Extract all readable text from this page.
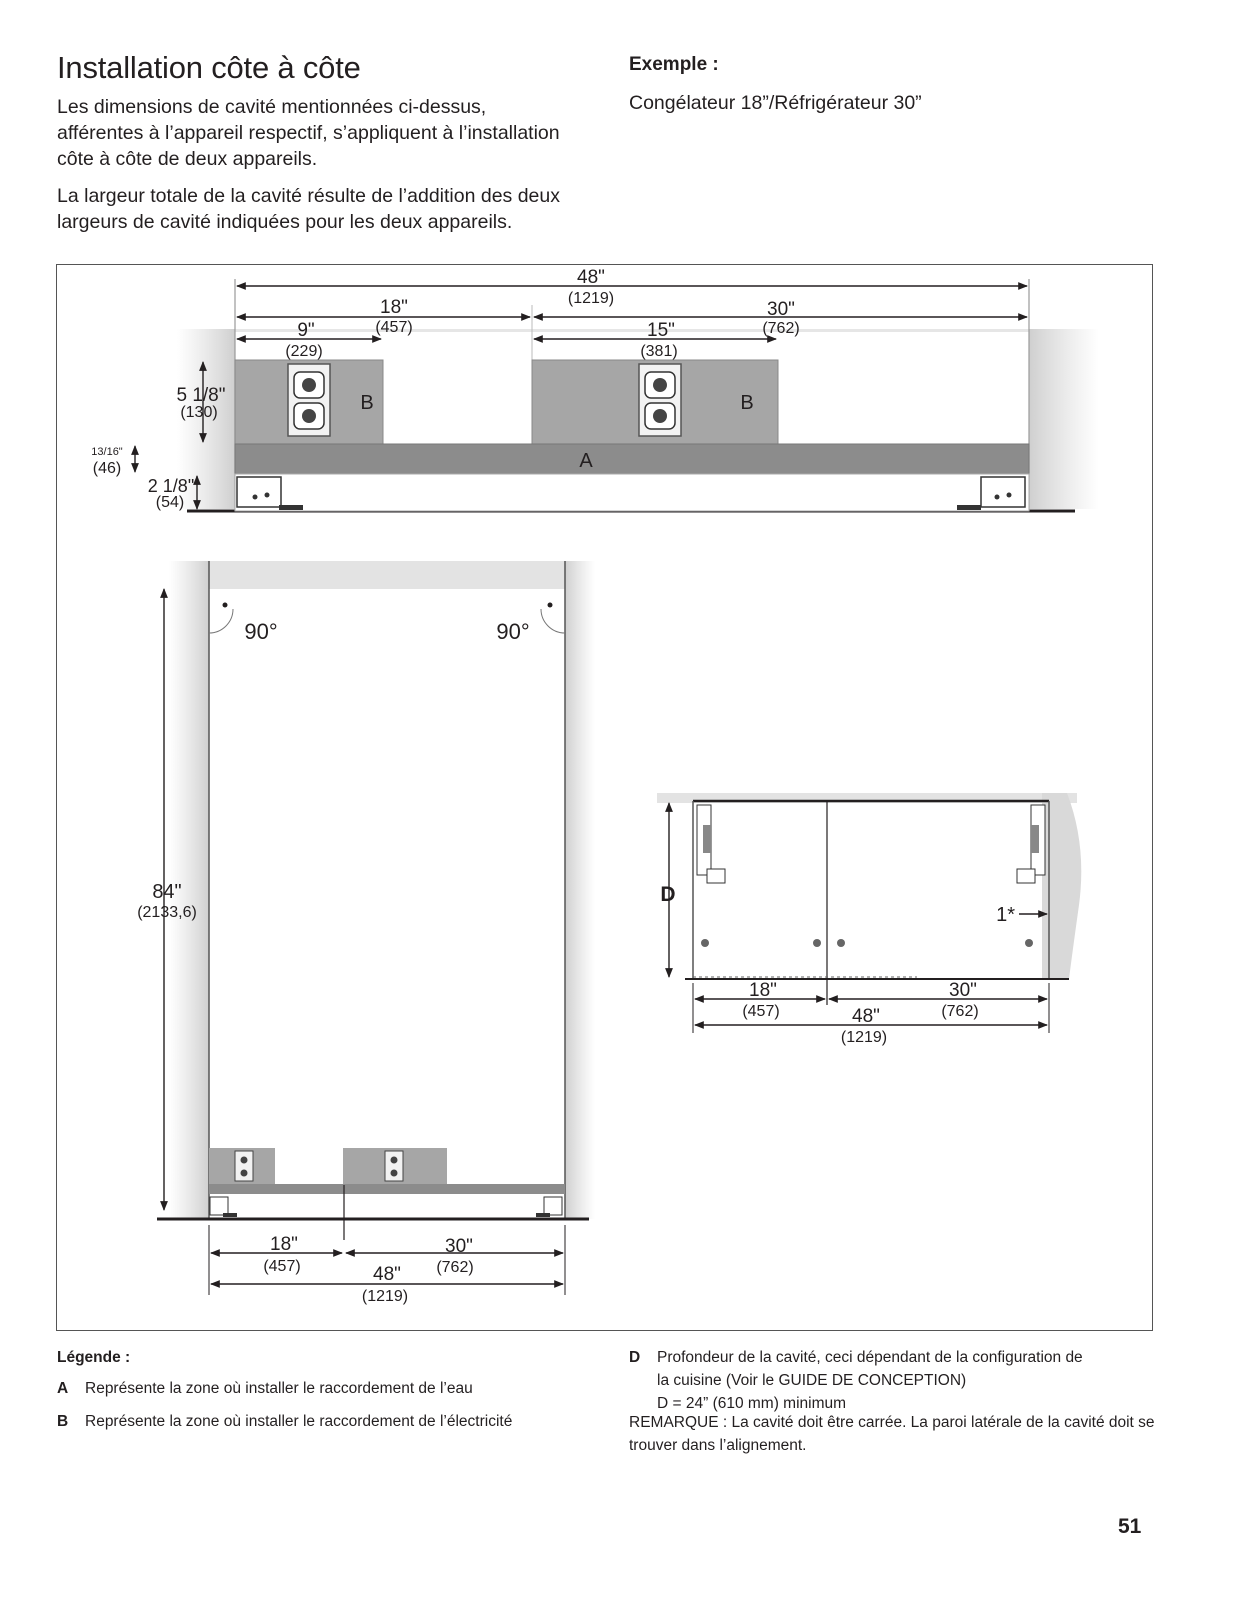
Installation côte à côte

Les dimensions de cavité mentionnées ci-dessus, afférentes à l’appareil respectif, s’appliquent à l’installation côte à côte de deux appareils.

La largeur totale de la cavité résulte de l’addition des deux largeurs de cavité indiquées pour les deux appareils.

Exemple :
Congélateur 18”/Réfrigérateur 30”
A
B	B
48"
(1219)
18"
(457)
30"
(762)
9"
(229)
15"
(381)
5 1/8"
(130)
13/16"
(46)
2 1/8"
(54)
90°	90°
84"
(2133,6)
18"
(457)
30"
(762)
48"
(1219)
D
1*
18"
(457)
30"
(762)
48"
(1219)
Légende :
A Représente la zone où installer le raccordement de l’eau
B Représente la zone où installer le raccordement de l’électricité
D Profondeur de la cavité, ceci dépendant de la configuration de
la cuisine (Voir le GUIDE DE CONCEPTION)
D = 24” (610 mm) minimum
REMARQUE : La cavité doit être carrée. La paroi latérale de la cavité doit se trouver dans l’alignement.
51
